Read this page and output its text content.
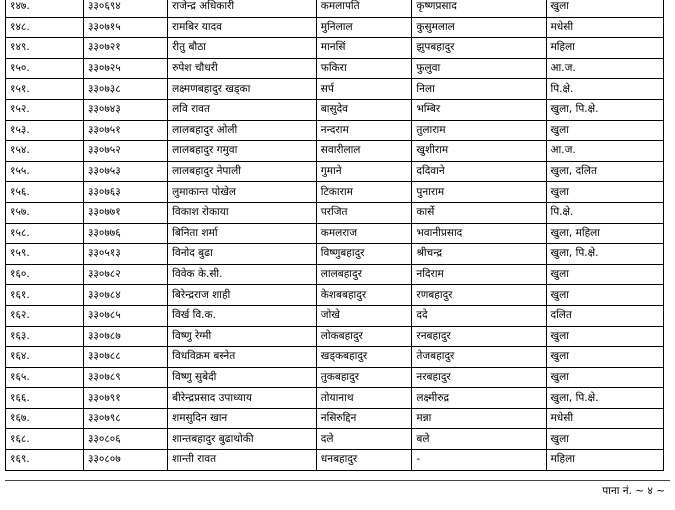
१४७.	३३०६९४	राजेन्द्र अधिकारी	कमलापति	कृष्णप्रसाद	खुला
१४८.	३३०७१५	रामबिर यादव	मुनिलाल	कुसुमलाल	मधेसी
१४९.	३३०७२१	रीतु बौठा	मानसिं	झुपबहादुर	महिला
१५०.	३३०७२५	रुपेश चौधरी	फकिरा	फुलुवा	आ.ज.
१५१.	३३०७३८	लक्ष्मणबहादुर खड्का	सर्प	निला	पि.क्षे.
१५२.	३३०७४३	लवि रावत	बासुदेव	भम्बिर	खुला, पि.क्षे.
१५३.	३३०७५१	लालबहादुर ओली	नन्दराम	तुलाराम	खुला
१५४.	३३०७५२	लालबहादुर गमुवा	सवारीलाल	खुशीराम	आ.ज.
१५५.	३३०७५३	लालबहादुर नेपाली	गुमाने	ददिवाने	खुला, दलित
१५६.	३३०७६३	लुमाकान्त पोखेल	टिकाराम	पुनाराम	खुला
१५७.	३३०७७१	विकाश रोकाया	परजित	कार्से	पि.क्षे.
१५८.	३३०७७६	बिनिता शर्मा	कमलराज	भवानीप्रसाद	खुला, महिला
१५९.	३३०५१३	विनोद बुढा	विष्णुबहादुर	श्रीचन्द्र	खुला, पि.क्षे.
१६०.	३३०७८२	विवेक के.सी.	लालबहादुर	नदिराम	खुला
१६१.	३३०७८४	बिरेन्द्रराज शाही	केशबबहादुर	रणबहादुर	खुला
१६२.	३३०७८५	विर्ख वि.क.	जोखे	ददे	दलित
१६३.	३३०७८७	विष्णु रेग्मी	लोकबहादुर	रनबहादुर	खुला
१६४.	३३०७८८	विधविक्रम बस्नेत	खड्कबहादुर	तेजबहादुर	खुला
१६५.	३३०७८९	विष्णु सुबेदी	तुकबहादुर	नरबहादुर	खुला
१६६.	३३०७९१	बीरेन्द्रप्रसाद उपाध्याय	तोयानाथ	लक्ष्मीरुद्र	खुला, पि.क्षे.
१६७.	३३०७९८	शमसुदिन खान	नसिरुद्दिन	मन्ना	मधेसी
१६८.	३३०८०६	शान्तबहादुर बुढाथोकी	दले	बले	खुला
१६९.	३३०८०७	शान्ती रावत	धनबहादुर	-	महिला
पाना नं. ~ ४ ~
